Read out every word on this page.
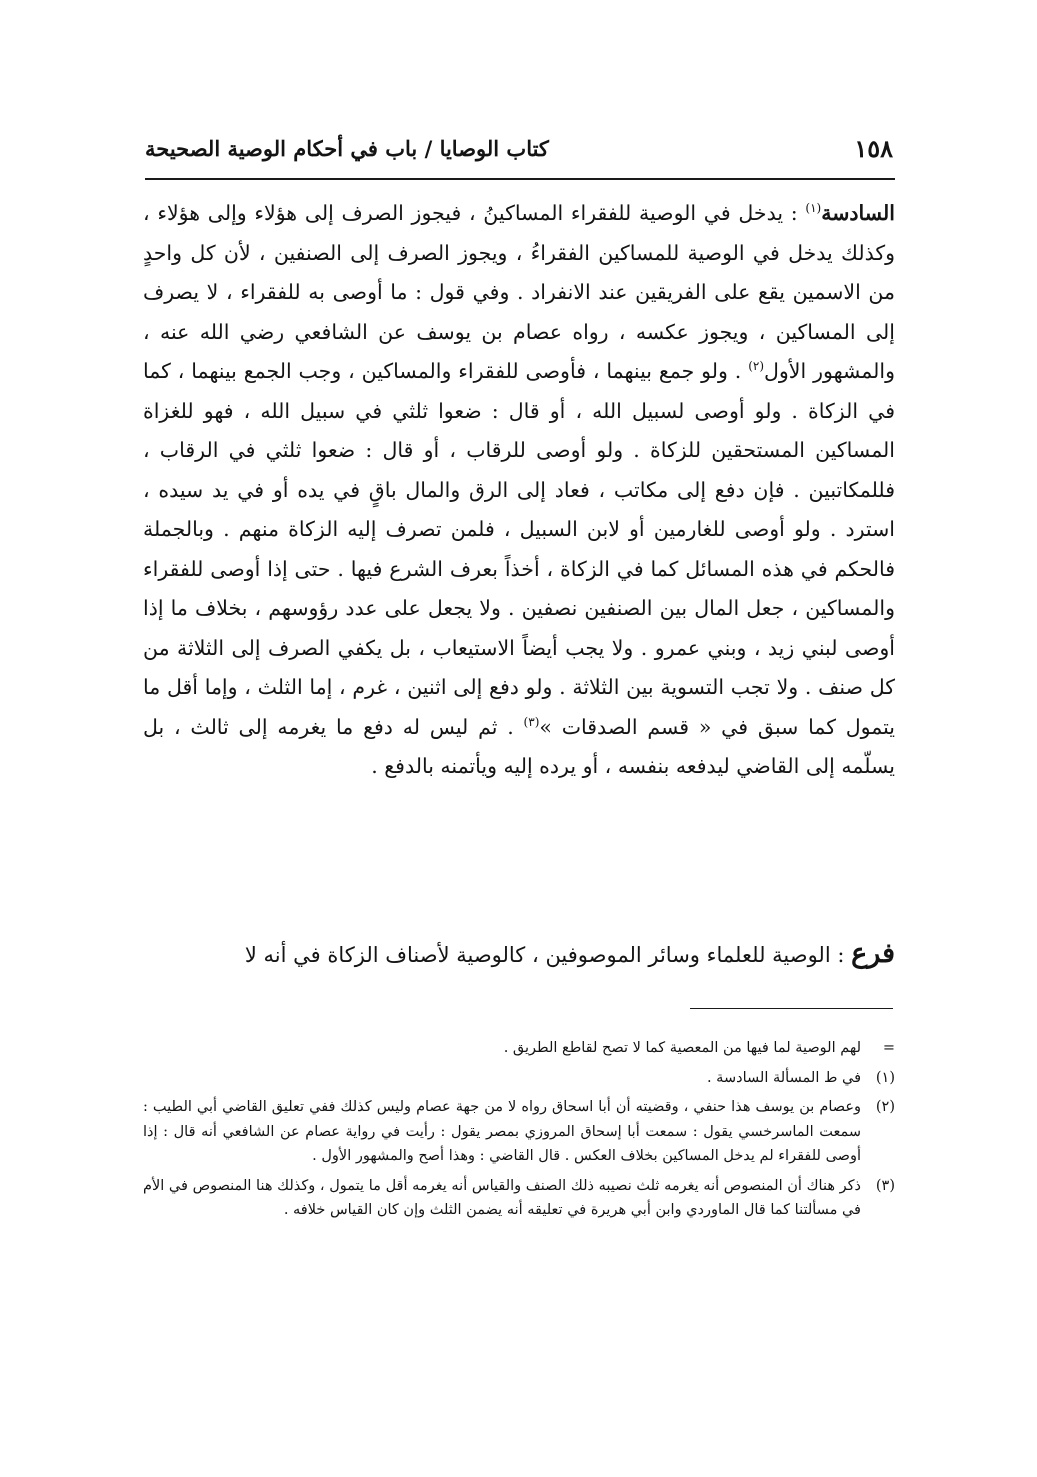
١٥٨
كتاب الوصايا / باب في أحكام الوصية الصحيحة

السادسة$^{(١)}$ : يدخل في الوصية للفقراء المساكينُ ، فيجوز الصرف إلى هؤلاء وإلى هؤلاء ، وكذلك يدخل في الوصية للمساكين الفقراءُ ، ويجوز الصرف إلى الصنفين ، لأن كل واحدٍ من الاسمين يقع على الفريقين عند الانفراد . وفي قول : ما أوصى به للفقراء ، لا يصرف إلى المساكين ، ويجوز عكسه ، رواه عصام بن يوسف عن الشافعي رضي الله عنه ، والمشهور الأول$^{(٢)}$ . ولو جمع بينهما ، فأوصى للفقراء والمساكين ، وجب الجمع بينهما ، كما في الزكاة . ولو أوصى لسبيل الله ، أو قال : ضعوا ثلثي في سبيل الله ، فهو للغزاة المساكين المستحقين للزكاة . ولو أوصى للرقاب ، أو قال : ضعوا ثلثي في الرقاب ، فللمكاتبين . فإن دفع إلى مكاتب ، فعاد إلى الرق والمال باقٍ في يده أو في يد سيده ، استرد . ولو أوصى للغارمين أو لابن السبيل ، فلمن تصرف إليه الزكاة منهم . وبالجملة فالحكم في هذه المسائل كما في الزكاة ، أخذاً بعرف الشرع فيها . حتى إذا أوصى للفقراء والمساكين ، جعل المال بين الصنفين نصفين . ولا يجعل على عدد رؤوسهم ، بخلاف ما إذا أوصى لبني زيد ، وبني عمرو . ولا يجب أيضاً الاستيعاب ، بل يكفي الصرف إلى الثلاثة من كل صنف . ولا تجب التسوية بين الثلاثة . ولو دفع إلى اثنين ، غرم ، إما الثلث ، وإما أقل ما يتمول كما سبق في « قسم الصدقات »$^{(٣)}$ . ثم ليس له دفع ما يغرمه إلى ثالث ، بل يسلّمه إلى القاضي ليدفعه بنفسه ، أو يرده إليه ويأتمنه بالدفع .

فرع : الوصية للعلماء وسائر الموصوفين ، كالوصية لأصناف الزكاة في أنه لا
=
لهم الوصية لما فيها من المعصية كما لا تصح لقاطع الطريق .
(١)
في ط المسألة السادسة .
(٢)
وعصام بن يوسف هذا حنفي ، وقضيته أن أبا اسحاق رواه لا من جهة عصام وليس كذلك ففي تعليق القاضي أبي الطيب : سمعت الماسرخسي يقول : سمعت أبا إسحاق المروزي بمصر يقول : رأيت في رواية عصام عن الشافعي أنه قال : إذا أوصى للفقراء لم يدخل المساكين بخلاف العكس . قال القاضي : وهذا أصح والمشهور الأول .
(٣)
ذكر هناك أن المنصوص أنه يغرمه ثلث نصيبه ذلك الصنف والقياس أنه يغرمه أقل ما يتمول ، وكذلك هنا المنصوص في الأم في مسألتنا كما قال الماوردي وابن أبي هريرة في تعليقه أنه يضمن الثلث وإن كان القياس خلافه .
